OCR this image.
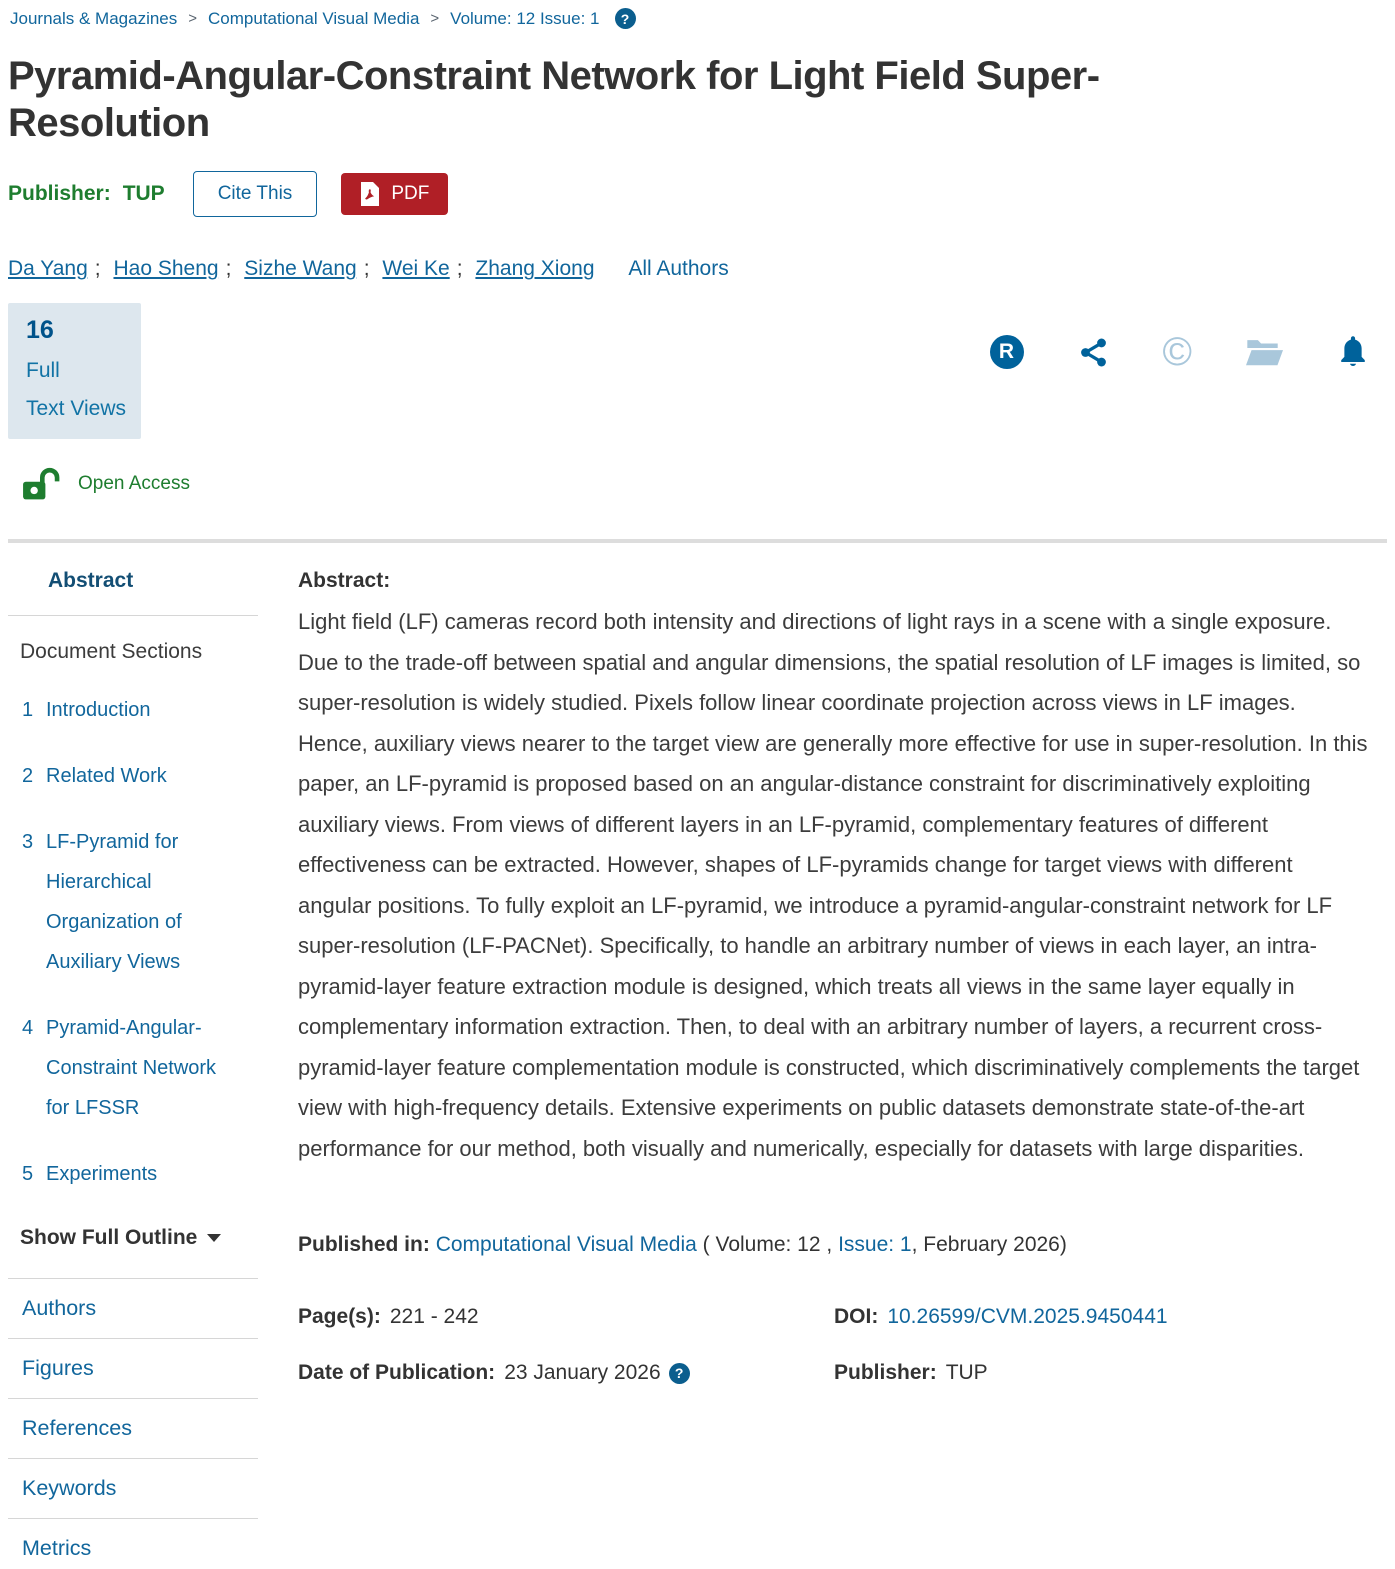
Journals & Magazines > Computational Visual Media > Volume: 12 Issue: 1	?
Pyramid-Angular-Constraint Network for Light Field Super-Resolution
Publisher: TUP	Cite This	PDF
Da Yang ; Hao Sheng ; Sizhe Wang ; Wei Ke ; Zhang Xiong All Authors
16
Full
Text Views
R	©
Open Access
Abstract
Document Sections
1 Introduction
2 Related Work
3 LF-Pyramid for Hierarchical Organization of Auxiliary Views
4 Pyramid-Angular-Constraint Network for LFSSR
5 Experiments
Show Full Outline
Authors
Figures
References
Keywords
Metrics
Abstract:

Light field (LF) cameras record both intensity and directions of light rays in a scene with a single exposure. Due to the trade-off between spatial and angular dimensions, the spatial resolution of LF images is limited, so super-resolution is widely studied. Pixels follow linear coordinate projection across views in LF images. Hence, auxiliary views nearer to the target view are generally more effective for use in super-resolution. In this paper, an LF-pyramid is proposed based on an angular-distance constraint for discriminatively exploiting auxiliary views. From views of different layers in an LF-pyramid, complementary features of different effectiveness can be extracted. However, shapes of LF-pyramids change for target views with different angular positions. To fully exploit an LF-pyramid, we introduce a pyramid-angular-constraint network for LF super-resolution (LF-PACNet). Specifically, to handle an arbitrary number of views in each layer, an intra-pyramid-layer feature extraction module is designed, which treats all views in the same layer equally in complementary information extraction. Then, to deal with an arbitrary number of layers, a recurrent cross-pyramid-layer feature complementation module is constructed, which discriminatively complements the target view with high-frequency details. Extensive experiments on public datasets demonstrate state-of-the-art performance for our method, both visually and numerically, especially for datasets with large disparities.

Published in: Computational Visual Media ( Volume: 12 , Issue: 1, February 2026)
Page(s): 221 - 242	DOI: 10.26599/CVM.2025.9450441
Date of Publication: 23 January 2026	?	Publisher: TUP
